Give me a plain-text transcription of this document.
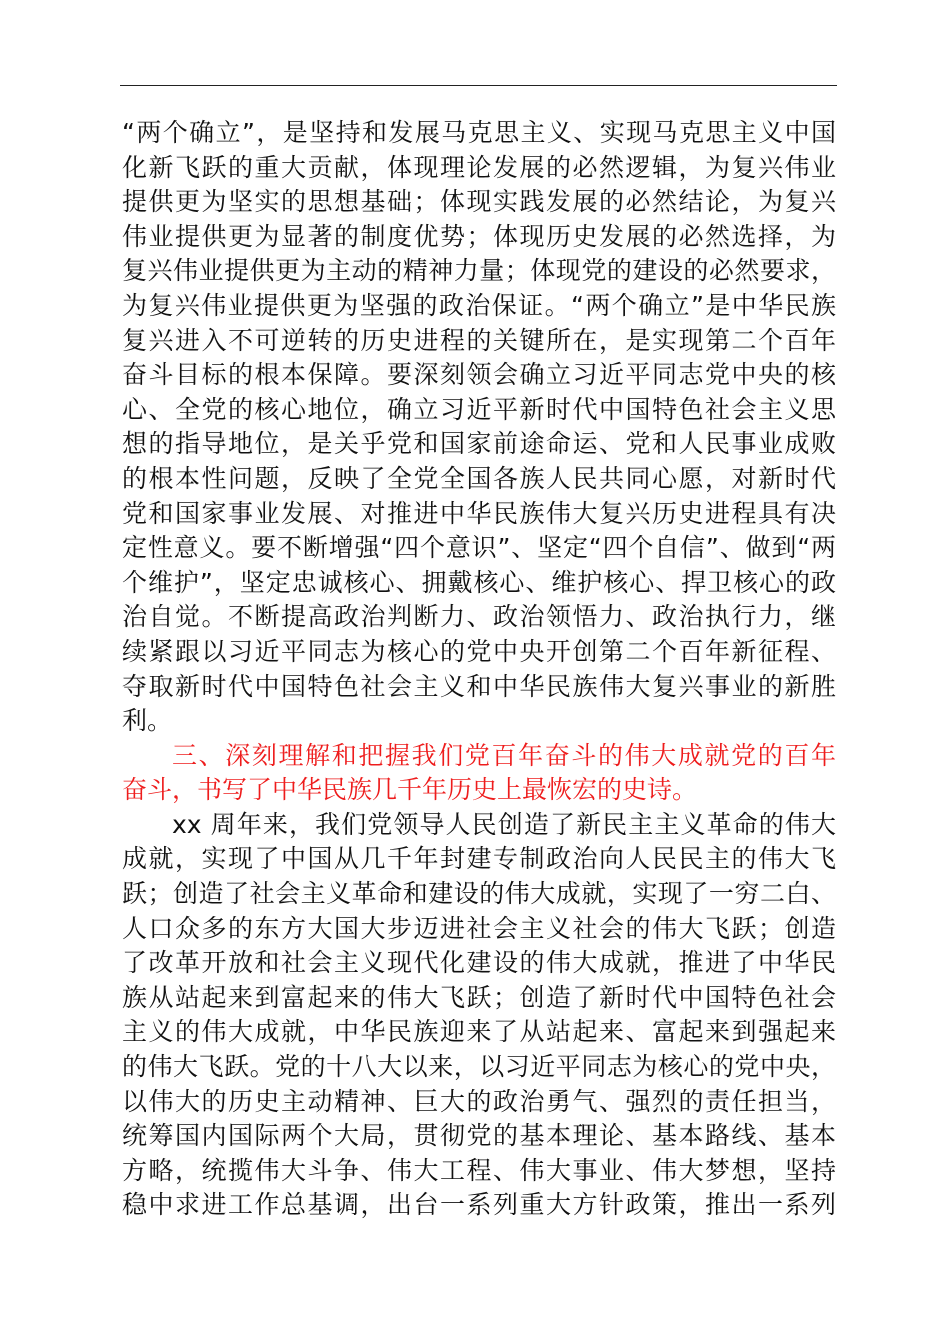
“两个确立”，是坚持和发展马克思主义、实现马克思主义中国
化新飞跃的重大贡献，体现理论发展的必然逻辑，为复兴伟业
提供更为坚实的思想基础；体现实践发展的必然结论，为复兴
伟业提供更为显著的制度优势；体现历史发展的必然选择，为
复兴伟业提供更为主动的精神力量；体现党的建设的必然要求，
为复兴伟业提供更为坚强的政治保证。“两个确立”是中华民族
复兴进入不可逆转的历史进程的关键所在，是实现第二个百年
奋斗目标的根本保障。要深刻领会确立习近平同志党中央的核
心、全党的核心地位，确立习近平新时代中国特色社会主义思
想的指导地位，是关乎党和国家前途命运、党和人民事业成败
的根本性问题，反映了全党全国各族人民共同心愿，对新时代
党和国家事业发展、对推进中华民族伟大复兴历史进程具有决
定性意义。要不断增强“四个意识”、坚定“四个自信”、做到“两
个维护”，坚定忠诚核心、拥戴核心、维护核心、捍卫核心的政
治自觉。不断提高政治判断力、政治领悟力、政治执行力，继
续紧跟以习近平同志为核心的党中央开创第二个百年新征程、
夺取新时代中国特色社会主义和中华民族伟大复兴事业的新胜
利。
三、深刻理解和把握我们党百年奋斗的伟大成就党的百年
奋斗，书写了中华民族几千年历史上最恢宏的史诗。
xx 周年来，我们党领导人民创造了新民主主义革命的伟大
成就，实现了中国从几千年封建专制政治向人民民主的伟大飞
跃；创造了社会主义革命和建设的伟大成就，实现了一穷二白、
人口众多的东方大国大步迈进社会主义社会的伟大飞跃；创造
了改革开放和社会主义现代化建设的伟大成就，推进了中华民
族从站起来到富起来的伟大飞跃；创造了新时代中国特色社会
主义的伟大成就，中华民族迎来了从站起来、富起来到强起来
的伟大飞跃。党的十八大以来，以习近平同志为核心的党中央，
以伟大的历史主动精神、巨大的政治勇气、强烈的责任担当，
统筹国内国际两个大局，贯彻党的基本理论、基本路线、基本
方略，统揽伟大斗争、伟大工程、伟大事业、伟大梦想，坚持
稳中求进工作总基调，出台一系列重大方针政策，推出一系列
